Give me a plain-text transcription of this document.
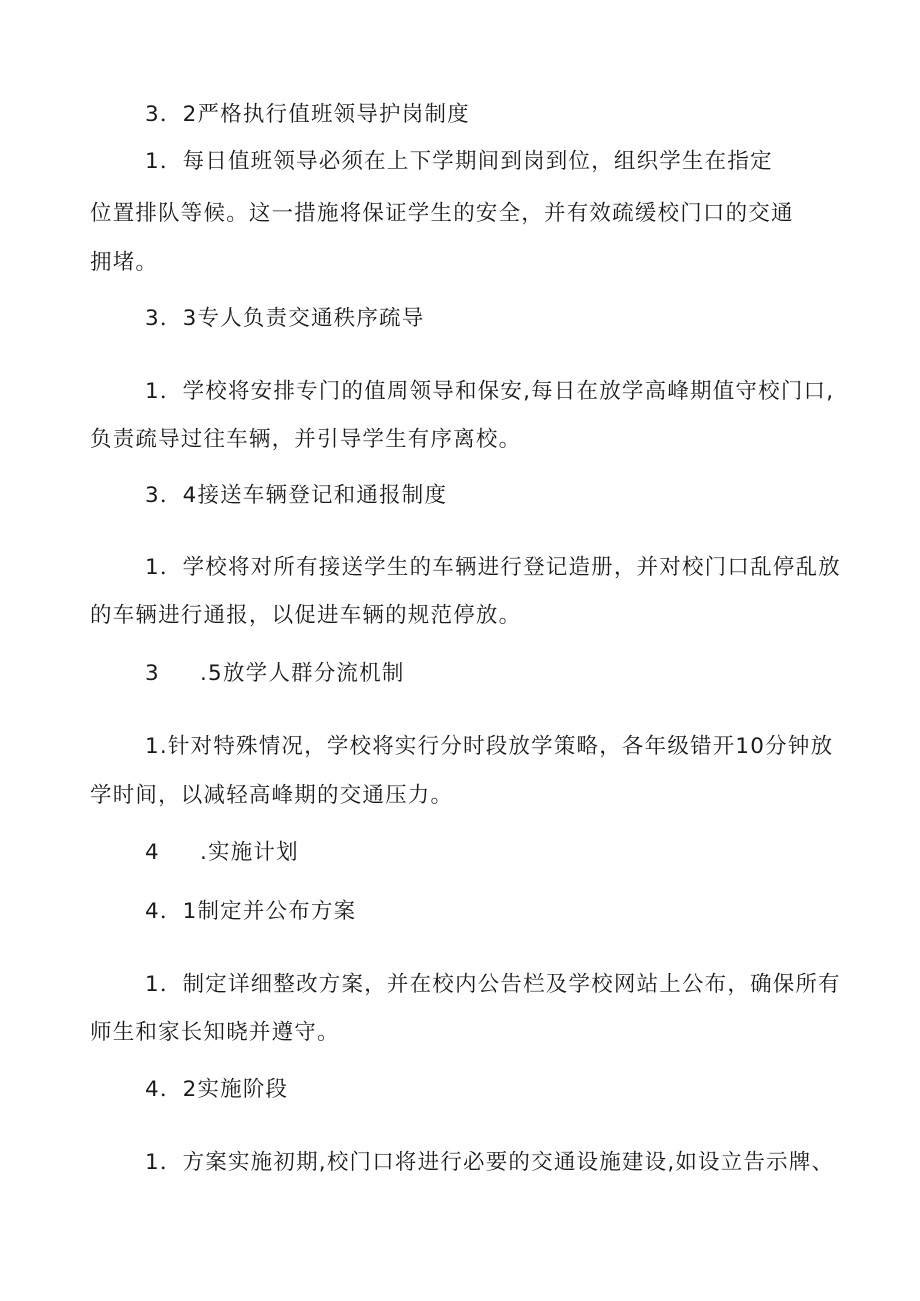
3．2严格执行值班领导护岗制度
1．每日值班领导必须在上下学期间到岗到位，组织学生在指定
位置排队等候。这一措施将保证学生的安全，并有效疏缓校门口的交通
拥堵。
3．3专人负责交通秩序疏导
1．学校将安排专门的值周领导和保安,每日在放学高峰期值守校门口,
负责疏导过往车辆，并引导学生有序离校。
3．4接送车辆登记和通报制度
1．学校将对所有接送学生的车辆进行登记造册，并对校门口乱停乱放
的车辆进行通报，以促进车辆的规范停放。
3 .5放学人群分流机制
1.针对特殊情况，学校将实行分时段放学策略，各年级错开10分钟放
学时间，以减轻高峰期的交通压力。
4 .实施计划
4．1制定并公布方案
1．制定详细整改方案，并在校内公告栏及学校网站上公布，确保所有
师生和家长知晓并遵守。
4．2实施阶段
1．方案实施初期,校门口将进行必要的交通设施建设,如设立告示牌、
